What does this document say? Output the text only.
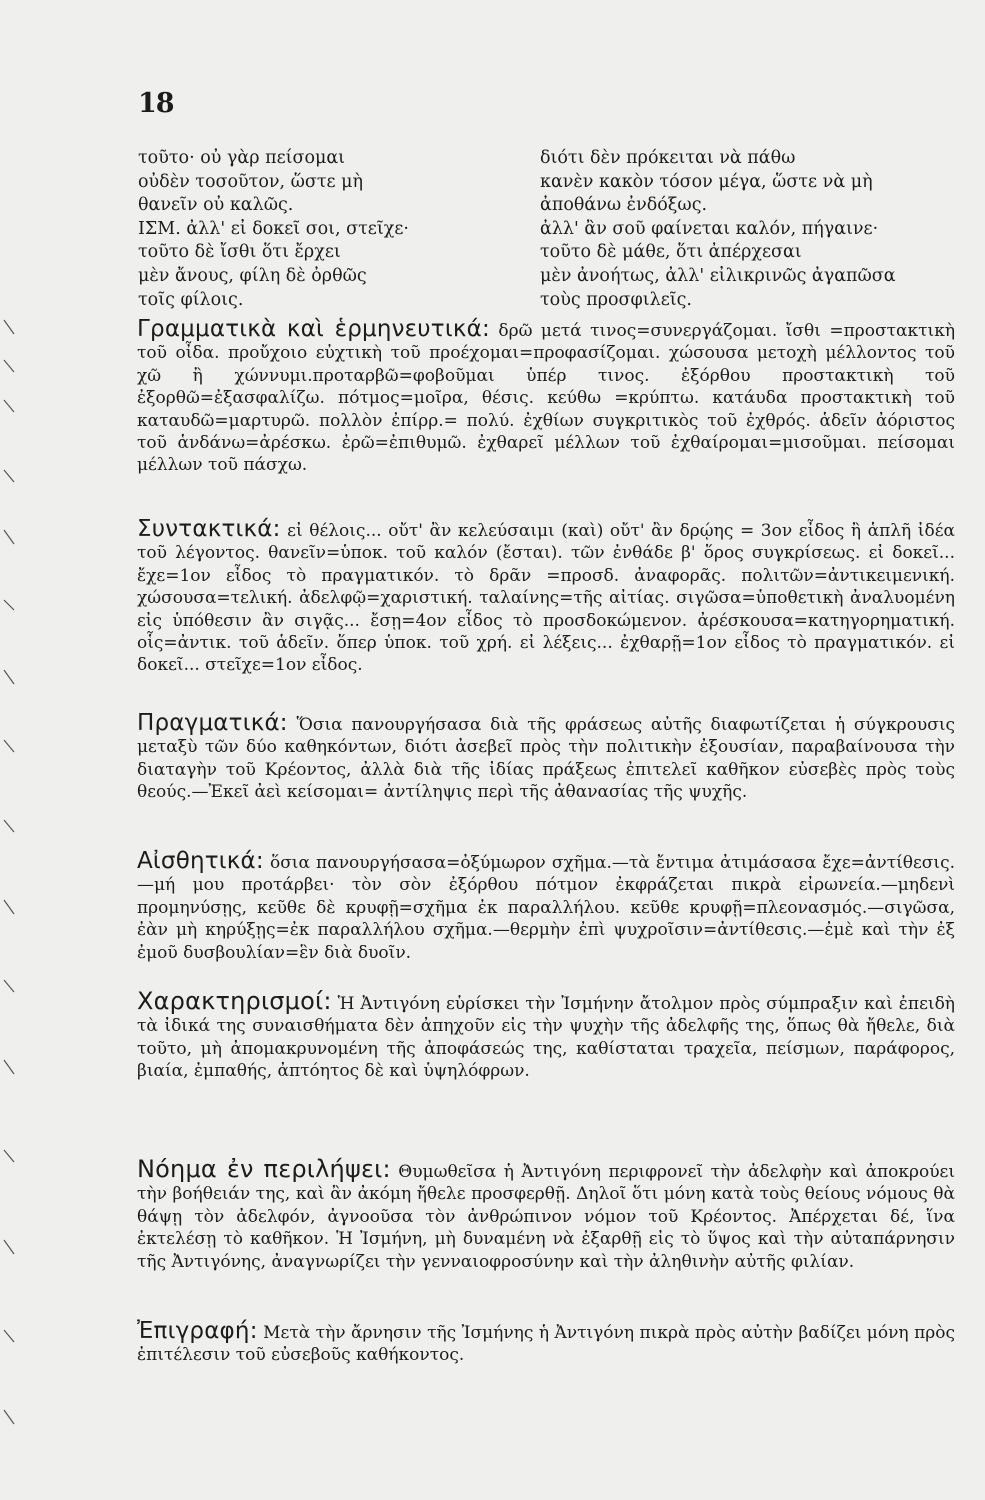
18
τοῦτο· οὐ γὰρ πείσομαι
οὐδὲν τοσοῦτον, ὥστε μὴ
θανεῖν οὐ καλῶς.
ΙΣΜ. ἀλλ' εἰ δοκεῖ σοι, στεῖχε·
τοῦτο δὲ ἴσθι ὅτι ἔρχει
μὲν ἄνους, φίλη δὲ ὀρθῶς
τοῖς φίλοις.
διότι δὲν πρόκειται νὰ πάθω
κανὲν κακὸν τόσον μέγα, ὥστε νὰ μὴ
ἀποθάνω ἐνδόξως.
ἀλλ' ἂν σοῦ φαίνεται καλόν, πήγαινε·
τοῦτο δὲ μάθε, ὅτι ἀπέρχεσαι
μὲν ἀνοήτως, ἀλλ' εἰλικρινῶς ἀγαπῶσα
τοὺς προσφιλεῖς.
Γραμματικὰ καὶ ἑρμηνευτικά: δρῶ μετά τινος=συνεργάζομαι. ἴσθι =προστακτικὴ τοῦ οἶδα. προὔχοιο εὐχτικὴ τοῦ προέχομαι=προφασίζομαι. χώσουσα μετοχὴ μέλλοντος τοῦ χῶ ἢ χώννυμι.προταρβῶ=φοβοῦμαι ὑπέρ τινος. ἐξόρθου προστακτικὴ τοῦ ἐξορθῶ=ἐξασφαλίζω. πότμος=μοῖρα, θέσις. κεύθω =κρύπτω. κατάυδα προστακτικὴ τοῦ καταυδῶ=μαρτυρῶ. πολλὸν ἐπίρρ.= πολύ. ἐχθίων συγκριτικὸς τοῦ ἐχθρός. ἁδεῖν ἀόριστος τοῦ ἁνδάνω=ἀρέσκω. ἐρῶ=ἐπιθυμῶ. ἐχθαρεῖ μέλλων τοῦ ἐχθαίρομαι=μισοῦμαι. πείσομαι μέλλων τοῦ πάσχω.
Συντακτικά: εἰ θέλοις... οὔτ' ἂν κελεύσαιμι (καὶ) οὔτ' ἂν δρῴης = 3ον εἶδος ἢ ἁπλῆ ἰδέα τοῦ λέγοντος. θανεῖν=ὑποκ. τοῦ καλόν (ἔσται). τῶν ἐνθάδε β' ὅρος συγκρίσεως. εἰ δοκεῖ... ἔχε=1ον εἶδος τὸ πραγματικόν. τὸ δρᾶν =προσδ. ἀναφορᾶς. πολιτῶν=ἀντικειμενική. χώσουσα=τελική. ἀδελφῷ=χαριστική. ταλαίνης=τῆς αἰτίας. σιγῶσα=ὑποθετικὴ ἀναλυομένη εἰς ὑπόθεσιν ἂν σιγᾷς... ἔσῃ=4ον εἶδος τὸ προσδοκώμενον. ἀρέσκουσα=κατηγορηματική. οἷς=ἀντικ. τοῦ ἁδεῖν. ὅπερ ὑποκ. τοῦ χρή. εἰ λέξεις... ἐχθαρῇ=1ον εἶδος τὸ πραγματικόν. εἰ δοκεῖ... στεῖχε=1ον εἶδος.
Πραγματικά: Ὅσια πανουργήσασα διὰ τῆς φράσεως αὐτῆς διαφωτίζεται ἡ σύγκρουσις μεταξὺ τῶν δύο καθηκόντων, διότι ἀσεβεῖ πρὸς τὴν πολιτικὴν ἐξουσίαν, παραβαίνουσα τὴν διαταγὴν τοῦ Κρέοντος, ἀλλὰ διὰ τῆς ἰδίας πράξεως ἐπιτελεῖ καθῆκον εὐσεβὲς πρὸς τοὺς θεούς.—Ἐκεῖ ἀεὶ κείσομαι= ἀντίληψις περὶ τῆς ἀθανασίας τῆς ψυχῆς.
Αἰσθητικά: ὅσια πανουργήσασα=ὀξύμωρον σχῆμα.—τὰ ἔντιμα ἀτιμάσασα ἔχε=ἀντίθεσις.—μή μου προτάρβει· τὸν σὸν ἐξόρθου πότμον ἐκφράζεται πικρὰ εἰρωνεία.—μηδενὶ προμηνύσῃς, κεῦθε δὲ κρυφῇ=σχῆμα ἐκ παραλλήλου. κεῦθε κρυφῇ=πλεονασμός.—σιγῶσα, ἐὰν μὴ κηρύξῃς=ἐκ παραλλήλου σχῆμα.—θερμὴν ἐπὶ ψυχροῖσιν=ἀντίθεσις.—ἐμὲ καὶ τὴν ἐξ ἐμοῦ δυσβουλίαν=ἓν διὰ δυοῖν.
Χαρακτηρισμοί: Ἡ Ἀντιγόνη εὑρίσκει τὴν Ἰσμήνην ἄτολμον πρὸς σύμπραξιν καὶ ἐπειδὴ τὰ ἰδικά της συναισθήματα δὲν ἀπηχοῦν εἰς τὴν ψυχὴν τῆς ἀδελφῆς της, ὅπως θὰ ἤθελε, διὰ τοῦτο, μὴ ἀπομακρυνομένη τῆς ἀποφάσεώς της, καθίσταται τραχεῖα, πείσμων, παράφορος, βιαία, ἐμπαθής, ἀπτόητος δὲ καὶ ὑψηλόφρων.
Νόημα ἐν περιλήψει: Θυμωθεῖσα ἡ Ἀντιγόνη περιφρονεῖ τὴν ἀδελφὴν καὶ ἀποκρούει τὴν βοήθειάν της, καὶ ἂν ἀκόμη ἤθελε προσφερθῇ. Δηλοῖ ὅτι μόνη κατὰ τοὺς θείους νόμους θὰ θάψῃ τὸν ἀδελφόν, ἀγνοοῦσα τὸν ἀνθρώπινον νόμον τοῦ Κρέοντος. Ἀπέρχεται δέ, ἵνα ἐκτελέσῃ τὸ καθῆκον. Ἡ Ἰσμήνη, μὴ δυναμένη νὰ ἐξαρθῇ εἰς τὸ ὕψος καὶ τὴν αὐταπάρνησιν τῆς Ἀντιγόνης, ἀναγνωρίζει τὴν γενναιοφροσύνην καὶ τὴν ἀληθινὴν αὐτῆς φιλίαν.
Ἐπιγραφή: Μετὰ τὴν ἄρνησιν τῆς Ἰσμήνης ἡ Ἀντιγόνη πικρὰ πρὸς αὐτὴν βαδίζει μόνη πρὸς ἐπιτέλεσιν τοῦ εὐσεβοῦς καθήκοντος.
